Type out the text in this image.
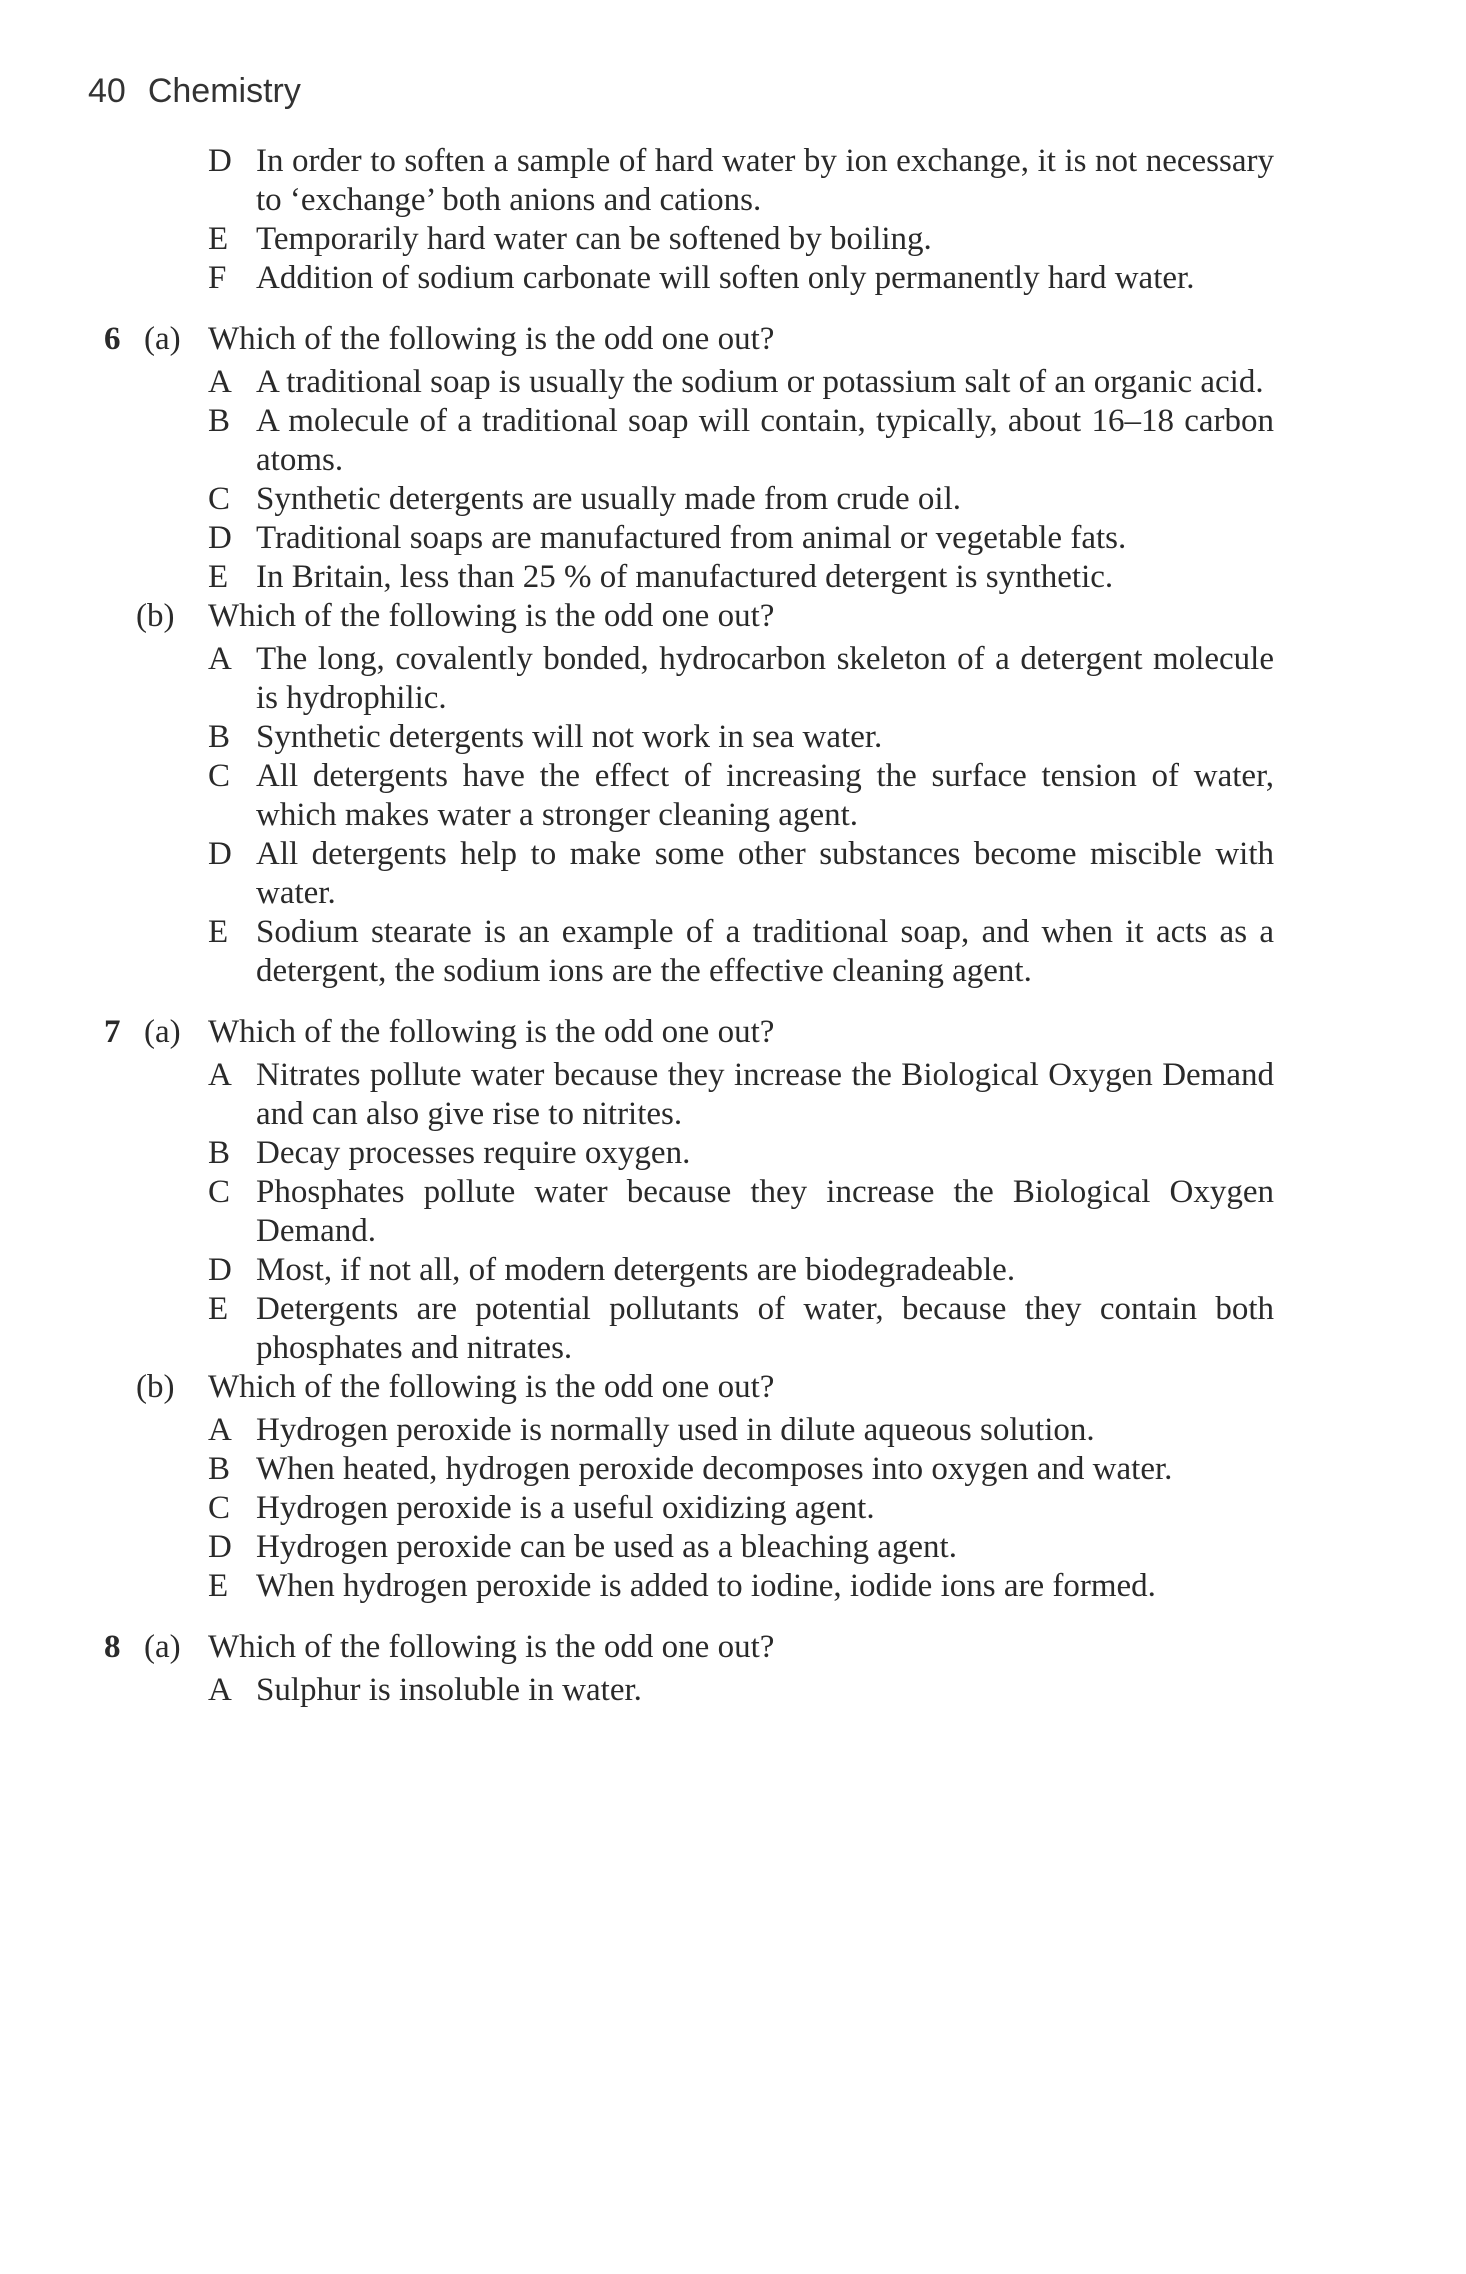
40 Chemistry
D In order to soften a sample of hard water by ion exchange, it is not necessary to ‘exchange’ both anions and cations.
E Temporarily hard water can be softened by boiling.
F Addition of sodium carbonate will soften only permanently hard water.
6 (a) Which of the following is the odd one out?
A A traditional soap is usually the sodium or potassium salt of an organic acid.
B A molecule of a traditional soap will contain, typically, about 16–18 carbon atoms.
C Synthetic detergents are usually made from crude oil.
D Traditional soaps are manufactured from animal or vegetable fats.
E In Britain, less than 25 % of manufactured detergent is synthetic.
(b) Which of the following is the odd one out?
A The long, covalently bonded, hydrocarbon skeleton of a detergent molecule is hydrophilic.
B Synthetic detergents will not work in sea water.
C All detergents have the effect of increasing the surface tension of water, which makes water a stronger cleaning agent.
D All detergents help to make some other substances become miscible with water.
E Sodium stearate is an example of a traditional soap, and when it acts as a detergent, the sodium ions are the effective cleaning agent.
7 (a) Which of the following is the odd one out?
A Nitrates pollute water because they increase the Biological Oxygen Demand and can also give rise to nitrites.
B Decay processes require oxygen.
C Phosphates pollute water because they increase the Biological Oxygen Demand.
D Most, if not all, of modern detergents are biodegradeable.
E Detergents are potential pollutants of water, because they contain both phosphates and nitrates.
(b) Which of the following is the odd one out?
A Hydrogen peroxide is normally used in dilute aqueous solution.
B When heated, hydrogen peroxide decomposes into oxygen and water.
C Hydrogen peroxide is a useful oxidizing agent.
D Hydrogen peroxide can be used as a bleaching agent.
E When hydrogen peroxide is added to iodine, iodide ions are formed.
8 (a) Which of the following is the odd one out?
A Sulphur is insoluble in water.
